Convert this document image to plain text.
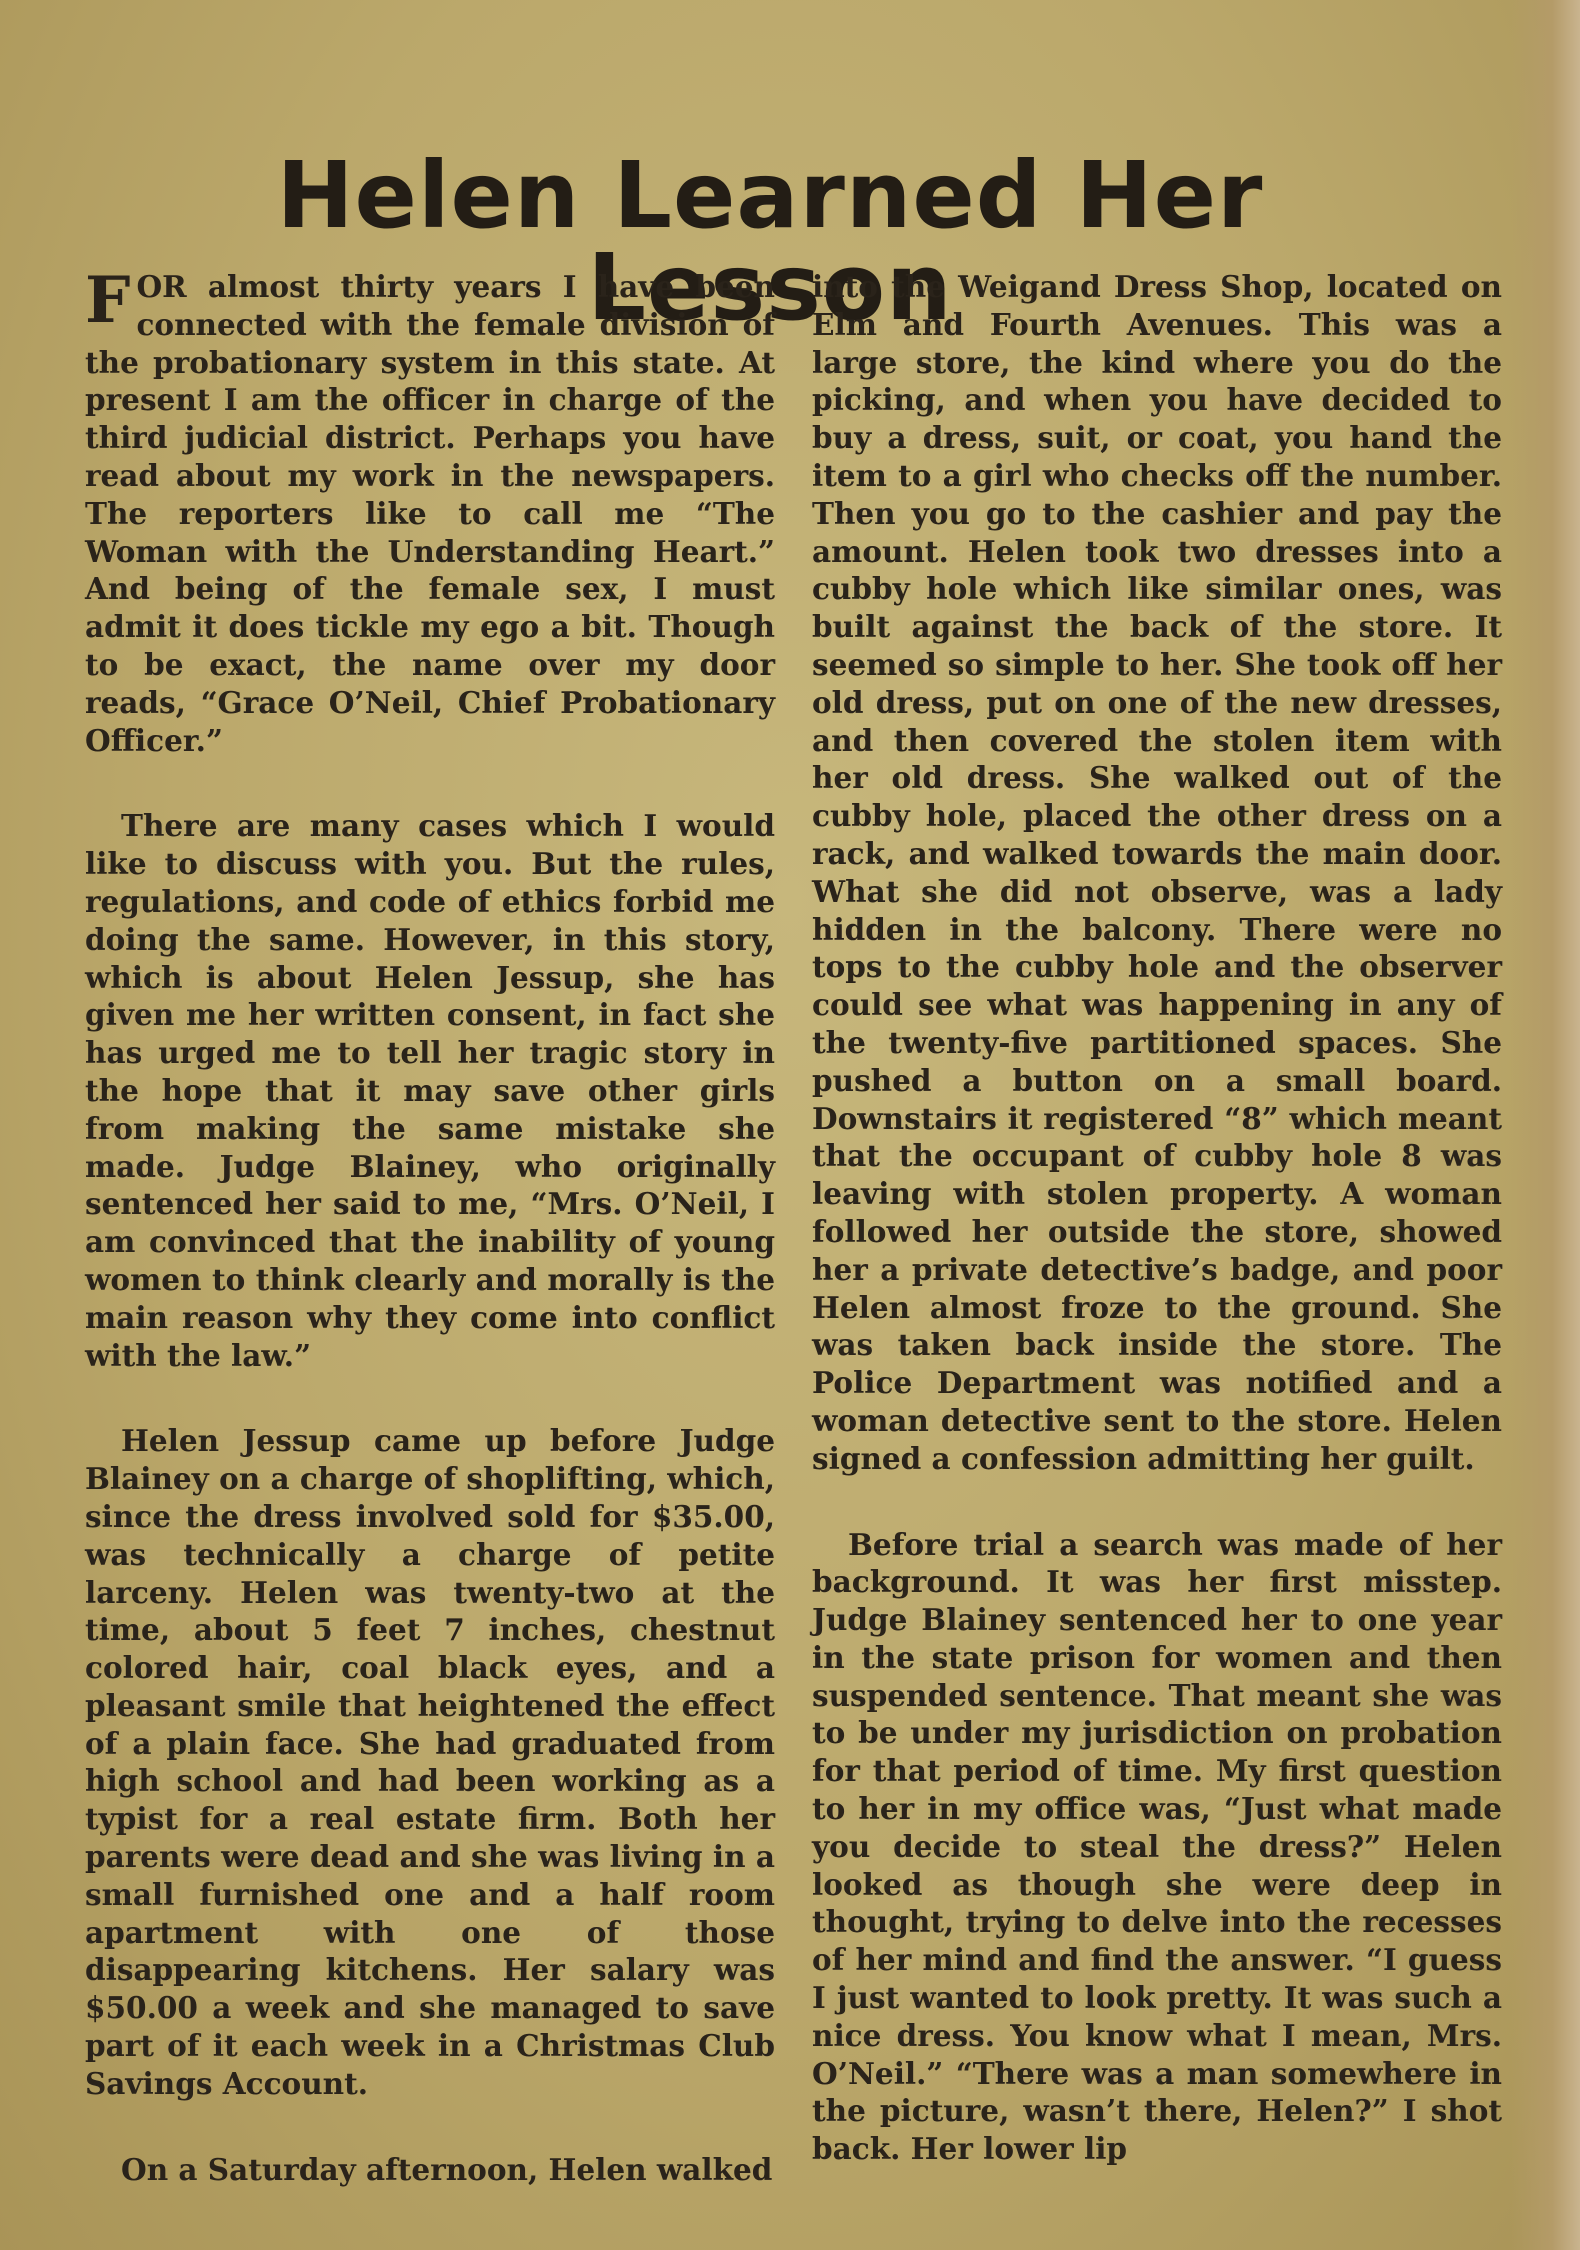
Helen Learned Her Lesson

FOR almost thirty years I have been connected with the female division of the probationary system in this state. At present I am the officer in charge of the third judicial district. Perhaps you have read about my work in the newspapers. The reporters like to call me “The Woman with the Understanding Heart.” And being of the female sex, I must admit it does tickle my ego a bit. Though to be exact, the name over my door reads, “Grace O’Neil, Chief Probationary Officer.”

There are many cases which I would like to discuss with you. But the rules, regulations, and code of ethics forbid me doing the same. However, in this story, which is about Helen Jessup, she has given me her written consent, in fact she has urged me to tell her tragic story in the hope that it may save other girls from making the same mistake she made. Judge Blainey, who originally sentenced her said to me, “Mrs. O’Neil, I am convinced that the inability of young women to think clearly and morally is the main reason why they come into conflict with the law.”

Helen Jessup came up before Judge Blainey on a charge of shoplifting, which, since the dress involved sold for $35.00, was technically a charge of petite larceny. Helen was twenty-two at the time, about 5 feet 7 inches, chestnut colored hair, coal black eyes, and a pleasant smile that heightened the effect of a plain face. She had graduated from high school and had been working as a typist for a real estate firm. Both her parents were dead and she was living in a small furnished one and a half room apartment with one of those disappearing kitchens. Her salary was $50.00 a week and she managed to save part of it each week in a Christmas Club Savings Account.

On a Saturday afternoon, Helen walked

into the Weigand Dress Shop, located on Elm and Fourth Avenues. This was a large store, the kind where you do the picking, and when you have decided to buy a dress, suit, or coat, you hand the item to a girl who checks off the number. Then you go to the cashier and pay the amount. Helen took two dresses into a cubby hole which like similar ones, was built against the back of the store. It seemed so simple to her. She took off her old dress, put on one of the new dresses, and then covered the stolen item with her old dress. She walked out of the cubby hole, placed the other dress on a rack, and walked towards the main door. What she did not observe, was a lady hidden in the balcony. There were no tops to the cubby hole and the observer could see what was happening in any of the twenty-five partitioned spaces. She pushed a button on a small board. Downstairs it registered “8” which meant that the occupant of cubby hole 8 was leaving with stolen property. A woman followed her outside the store, showed her a private detective’s badge, and poor Helen almost froze to the ground. She was taken back inside the store. The Police Department was notified and a woman detective sent to the store. Helen signed a confession admitting her guilt.

Before trial a search was made of her background. It was her first misstep. Judge Blainey sentenced her to one year in the state prison for women and then suspended sentence. That meant she was to be under my jurisdiction on probation for that period of time. My first question to her in my office was, “Just what made you decide to steal the dress?” Helen looked as though she were deep in thought, trying to delve into the recesses of her mind and find the answer. “I guess I just wanted to look pretty. It was such a nice dress. You know what I mean, Mrs. O’Neil.” “There was a man somewhere in the picture, wasn’t there, Helen?” I shot back. Her lower lip
